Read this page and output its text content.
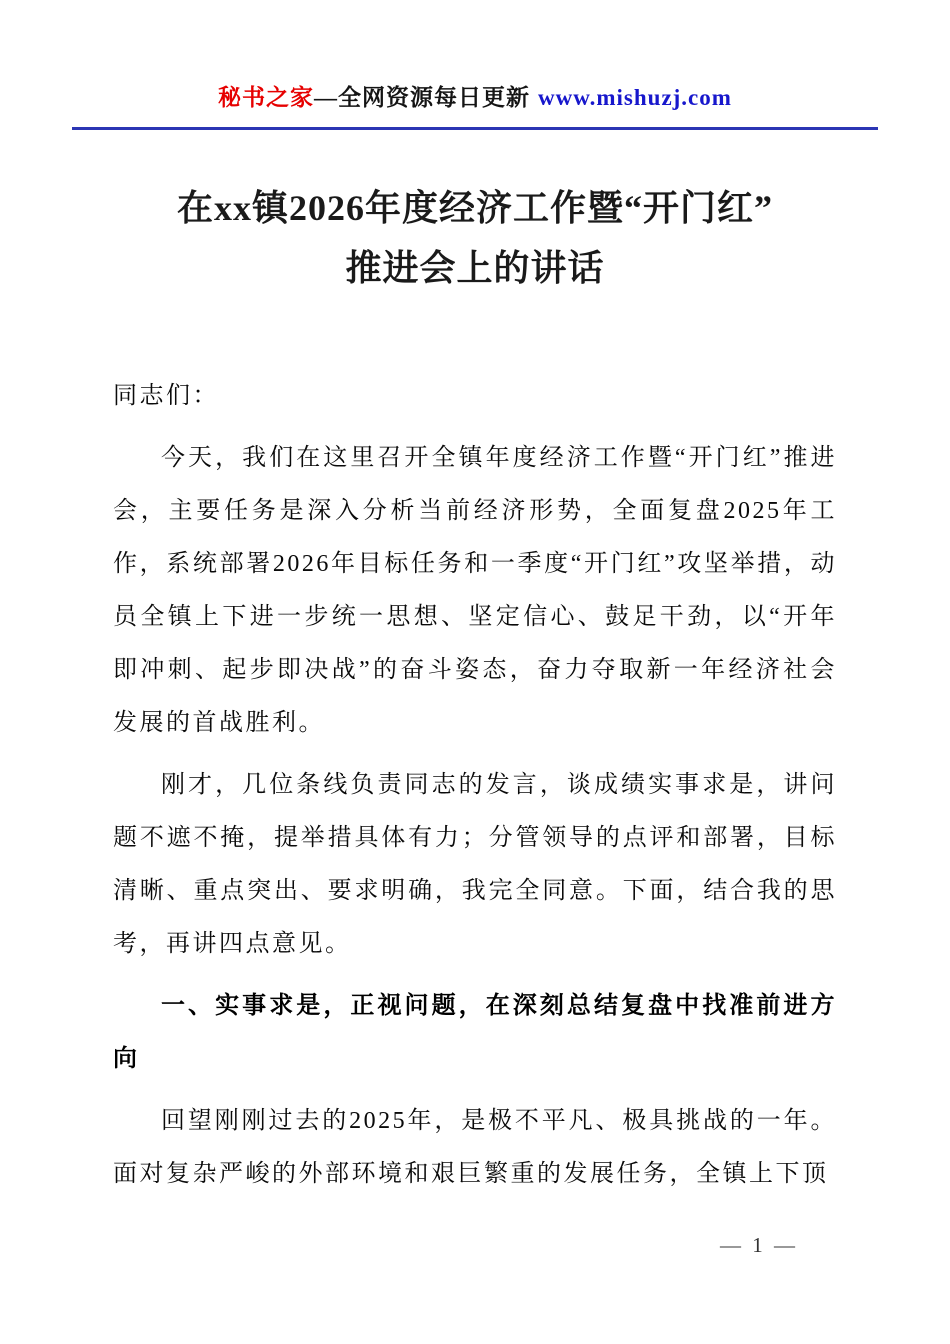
秘书之家—全网资源每日更新 www.mishuzj.com
在xx镇2026年度经济工作暨“开门红”
推进会上的讲话

同志们：

今天，我们在这里召开全镇年度经济工作暨“开门红”推进会，主要任务是深入分析当前经济形势，全面复盘2025年工作，系统部署2026年目标任务和一季度“开门红”攻坚举措，动员全镇上下进一步统一思想、坚定信心、鼓足干劲，以“开年即冲刺、起步即决战”的奋斗姿态，奋力夺取新一年经济社会发展的首战胜利。

刚才，几位条线负责同志的发言，谈成绩实事求是，讲问题不遮不掩，提举措具体有力；分管领导的点评和部署，目标清晰、重点突出、要求明确，我完全同意。下面，结合我的思考，再讲四点意见。

一、实事求是，正视问题，在深刻总结复盘中找准前进方向

回望刚刚过去的2025年，是极不平凡、极具挑战的一年。面对复杂严峻的外部环境和艰巨繁重的发展任务，全镇上下顶

— 1 —
